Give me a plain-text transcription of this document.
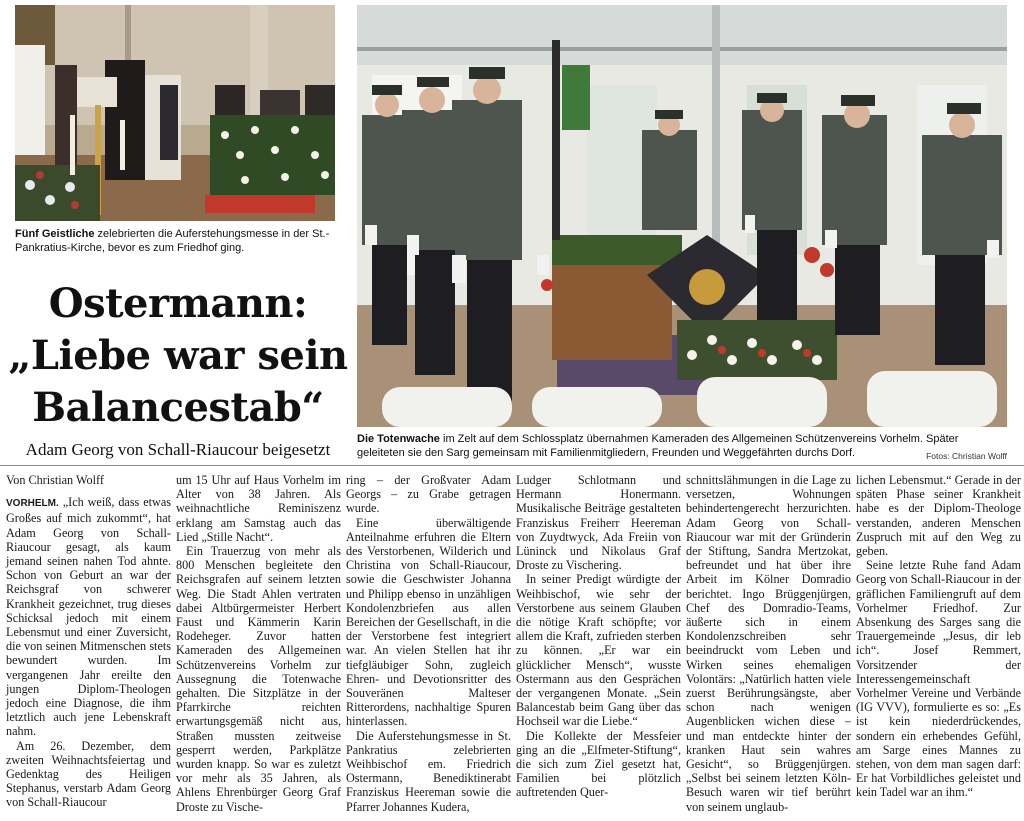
Fünf Geistliche zelebrierten die Auferstehungsmesse in der St.-Pankratius-Kirche, bevor es zum Friedhof ging.
Die Totenwache im Zelt auf dem Schlossplatz übernahmen Kameraden des Allgemeinen Schützenvereins Vorhelm. Später geleiteten sie den Sarg gemeinsam mit Familienmitgliedern, Freunden und Weggefährten durchs Dorf.	Fotos: Christian Wolff
Ostermann:
„Liebe war sein
Balancestab“
Adam Georg von Schall-Riaucour beigesetzt

Von Christian Wolff

VORHELM. „Ich weiß, dass etwas Großes auf mich zukommt“, hat Adam Georg von Schall-Riaucour gesagt, als kaum jemand seinen nahen Tod ahnte. Schon von Geburt an war der Reichsgraf von schwerer Krankheit gezeichnet, trug dieses Schicksal jedoch mit einem Lebensmut und einer Zuversicht, die von seinen Mitmenschen stets bewundert wurden. Im vergangenen Jahr ereilte den jungen Diplom-Theologen jedoch eine Diagnose, die ihm letztlich auch jene Lebenskraft nahm.

Am 26. Dezember, dem zweiten Weihnachtsfeiertag und Gedenktag des Heiligen Stephanus, verstarb Adam Georg von Schall-Riaucour

um 15 Uhr auf Haus Vorhelm im Alter von 38 Jahren. Als weihnachtliche Reminiszenz erklang am Samstag auch das Lied „Stille Nacht“.

Ein Trauerzug von mehr als 800 Menschen begleitete den Reichsgrafen auf seinem letzten Weg. Die Stadt Ahlen vertraten dabei Altbürgermeister Herbert Faust und Kämmerin Karin Rodeheger. Zuvor hatten Kameraden des Allgemeinen Schützenvereins Vorhelm zur Aussegnung die Totenwache gehalten. Die Sitzplätze in der Pfarrkirche reichten erwartungsgemäß nicht aus, Straßen mussten zeitweise gesperrt werden, Parkplätze wurden knapp. So war es zuletzt vor mehr als 35 Jahren, als Ahlens Ehrenbürger Georg Graf Droste zu Vische-

ring – der Großvater Adam Georgs – zu Grabe getragen wurde.

Eine überwältigende Anteilnahme erfuhren die Eltern des Verstorbenen, Wilderich und Christina von Schall-Riaucour, sowie die Geschwister Johanna und Philipp ebenso in unzähligen Kondolenzbriefen aus allen Bereichen der Gesellschaft, in die der Verstorbene fest integriert war. An vielen Stellen hat ihr tiefgläubiger Sohn, zugleich Ehren- und Devotionsritter des Souveränen Malteser Ritterordens, nachhaltige Spuren hinterlassen.

Die Auferstehungsmesse in St. Pankratius zelebrierten Weihbischof em. Friedrich Ostermann, Benediktinerabt Franziskus Heereman sowie die Pfarrer Johannes Kudera,

Ludger Schlotmann und Hermann Honermann. Musikalische Beiträge gestalteten Franziskus Freiherr Heereman von Zuydtwyck, Ada Freiin von Lüninck und Nikolaus Graf Droste zu Vischering.

In seiner Predigt würdigte der Weihbischof, wie sehr der Verstorbene aus seinem Glauben die nötige Kraft schöpfte; vor allem die Kraft, zufrieden sterben zu können. „Er war ein glücklicher Mensch“, wusste Ostermann aus den Gesprächen der vergangenen Monate. „Sein Balancestab beim Gang über das Hochseil war die Liebe.“

Die Kollekte der Messfeier ging an die „Elfmeter-Stiftung“, die sich zum Ziel gesetzt hat, Familien bei plötzlich auftretenden Quer-

schnittslähmungen in die Lage zu versetzen, Wohnungen behindertengerecht herzurichten. Adam Georg von Schall-Riaucour war mit der Gründerin der Stiftung, Sandra Mertzokat, befreundet und hat über ihre Arbeit im Kölner Domradio berichtet. Ingo Brüggenjürgen, Chef des Domradio-Teams, äußerte sich in einem Kondolenzschreiben sehr beeindruckt vom Leben und Wirken seines ehemaligen Volontärs: „Natürlich hatten viele zuerst Berührungsängste, aber schon nach wenigen Augenblicken wichen diese – und man entdeckte hinter der kranken Haut sein wahres Gesicht“, so Brüggenjürgen. „Selbst bei seinem letzten Köln-Besuch waren wir tief berührt von seinem unglaub-

lichen Lebensmut.“ Gerade in der späten Phase seiner Krankheit habe es der Diplom-Theologe verstanden, anderen Menschen Zuspruch mit auf den Weg zu geben.

Seine letzte Ruhe fand Adam Georg von Schall-Riaucour in der gräflichen Familiengruft auf dem Vorhelmer Friedhof. Zur Absenkung des Sarges sang die Trauergemeinde „Jesus, dir leb ich“. Josef Remmert, Vorsitzender der Interessengemeinschaft Vorhelmer Vereine und Verbände (IG VVV), formulierte es so: „Es ist kein niederdrückendes, sondern ein erhebendes Gefühl, am Sarge eines Mannes zu stehen, von dem man sagen darf: Er hat Vorbildliches geleistet und kein Tadel war an ihm.“
